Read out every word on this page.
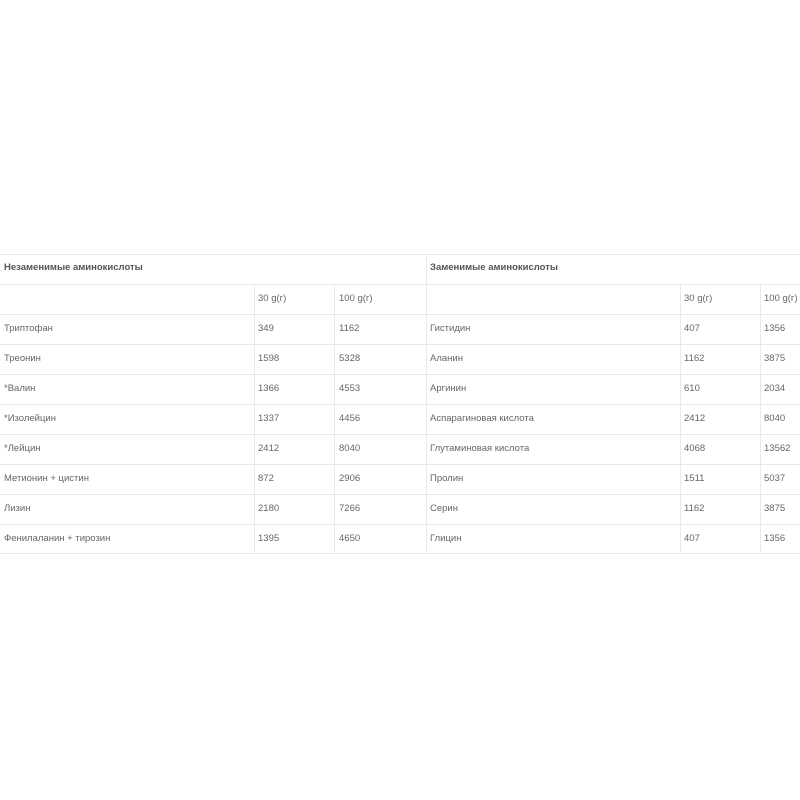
Незаменимые аминокислоты
30 g(г)	100 g(г)
Триптофан	349	1162
Треонин	1598	5328
*Валин	1366	4553
*Изолейцин	1337	4456
*Лейцин	2412	8040
Метионин + цистин	872	2906
Лизин	2180	7266
Фенилаланин + тирозин	1395	4650
Заменимые аминокислоты
30 g(г)	100 g(г)
Гистидин	407	1356
Аланин	1162	3875
Аргинин	610	2034
Аспарагиновая кислота	2412	8040
Глутаминовая кислота	4068	13562
Пролин	1511	5037
Серин	1162	3875
Глицин	407	1356
